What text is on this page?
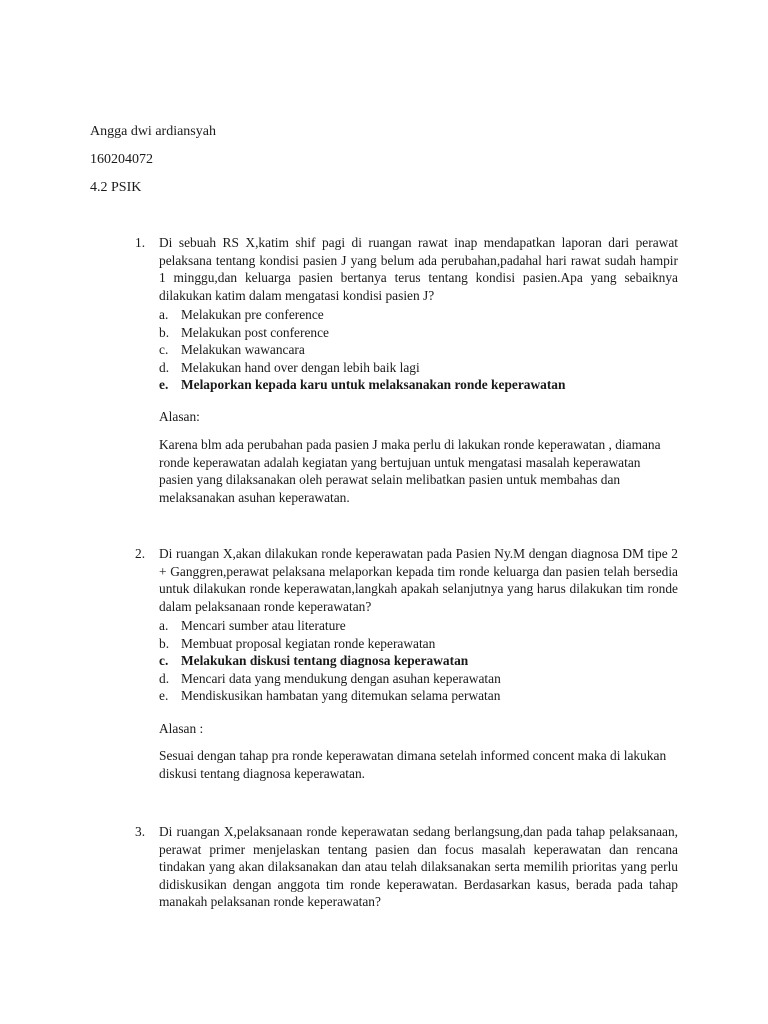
Angga dwi ardiansyah
160204072
4.2 PSIK
1. Di sebuah RS X,katim shif pagi di ruangan rawat inap mendapatkan laporan dari perawat pelaksana tentang kondisi pasien J yang belum ada perubahan,padahal hari rawat sudah hampir 1 minggu,dan keluarga pasien bertanya terus tentang kondisi pasien.Apa yang sebaiknya dilakukan katim dalam mengatasi kondisi pasien J?
a. Melakukan pre conference
b. Melakukan post conference
c. Melakukan wawancara
d. Melakukan hand over dengan lebih baik lagi
e. Melaporkan kepada karu untuk melaksanakan ronde keperawatan
Alasan:
Karena blm ada perubahan pada pasien J maka perlu di lakukan ronde keperawatan , diamana ronde keperawatan adalah kegiatan yang bertujuan untuk mengatasi masalah keperawatan pasien yang dilaksanakan oleh perawat selain melibatkan pasien untuk membahas dan melaksanakan asuhan keperawatan.
2. Di ruangan X,akan dilakukan ronde keperawatan pada Pasien Ny.M dengan diagnosa DM tipe 2 + Ganggren,perawat pelaksana melaporkan kepada tim ronde keluarga dan pasien telah bersedia untuk dilakukan ronde keperawatan,langkah apakah selanjutnya yang harus dilakukan tim ronde dalam pelaksanaan ronde keperawatan?
a. Mencari sumber atau literature
b. Membuat proposal kegiatan ronde keperawatan
c. Melakukan diskusi tentang diagnosa keperawatan
d. Mencari data yang mendukung dengan asuhan keperawatan
e. Mendiskusikan hambatan yang ditemukan selama perwatan
Alasan :
Sesuai dengan tahap pra ronde keperawatan dimana setelah informed concent maka di lakukan diskusi tentang diagnosa keperawatan.
3. Di ruangan X,pelaksanaan ronde keperawatan sedang berlangsung,dan pada tahap pelaksanaan, perawat primer menjelaskan tentang pasien dan focus masalah keperawatan dan rencana tindakan yang akan dilaksanakan dan atau telah dilaksanakan serta memilih prioritas yang perlu didiskusikan dengan anggota tim ronde keperawatan. Berdasarkan kasus, berada pada tahap manakah pelaksanan ronde keperawatan?
